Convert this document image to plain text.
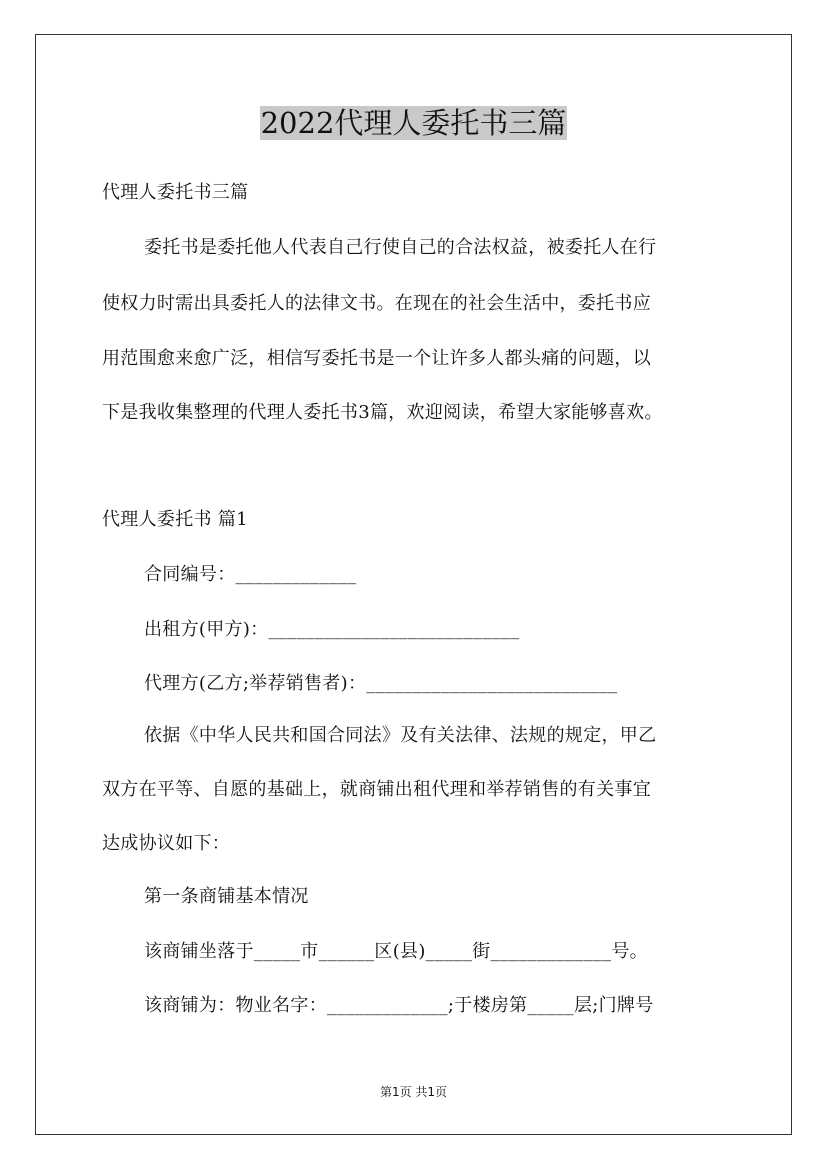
2022代理人委托书三篇
代理人委托书三篇
委托书是委托他人代表自己行使自己的合法权益，被委托人在行
使权力时需出具委托人的法律文书。在现在的社会生活中，委托书应
用范围愈来愈广泛，相信写委托书是一个让许多人都头痛的问题，以
下是我收集整理的代理人委托书3篇，欢迎阅读，希望大家能够喜欢。
代理人委托书 篇1
合同编号：_____________
出租方(甲方)：___________________________
代理方(乙方;举荐销售者)：___________________________
依据《中华人民共和国合同法》及有关法律、法规的规定，甲乙
双方在平等、自愿的基础上，就商铺出租代理和举荐销售的有关事宜
达成协议如下：
第一条商铺基本情况
该商铺坐落于_____市______区(县)_____街_____________号。
该商铺为：物业名字：_____________;于楼房第_____层;门牌号
第1页 共1页
